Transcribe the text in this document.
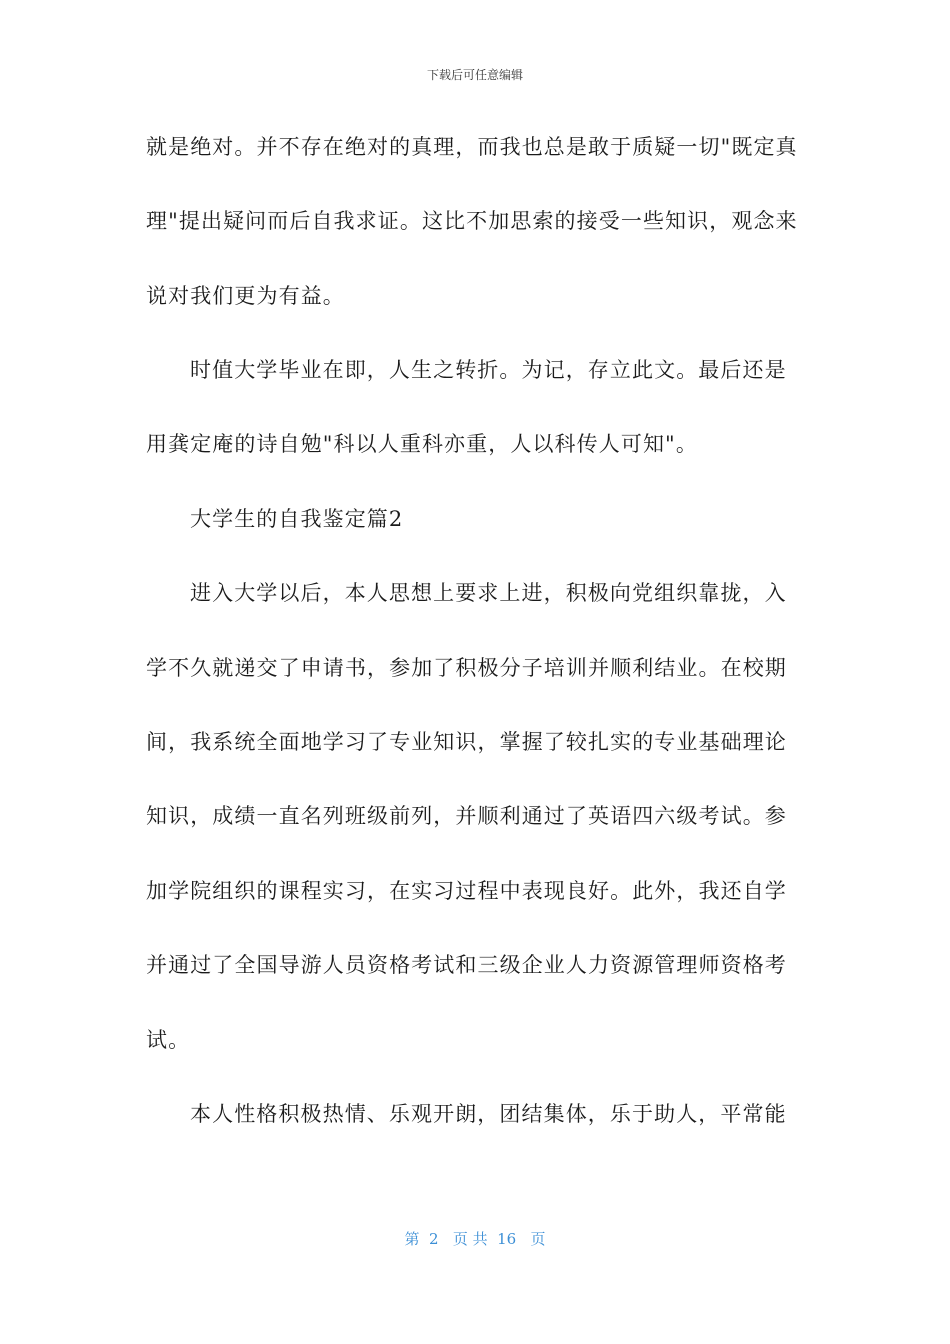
下载后可任意编辑
就是绝对。并不存在绝对的真理，而我也总是敢于质疑一切"既定真
理"提出疑问而后自我求证。这比不加思索的接受一些知识，观念来
说对我们更为有益。
时值大学毕业在即，人生之转折。为记，存立此文。最后还是
用龚定庵的诗自勉"科以人重科亦重，人以科传人可知"。
大学生的自我鉴定篇2
进入大学以后，本人思想上要求上进，积极向党组织靠拢，入
学不久就递交了申请书，参加了积极分子培训并顺利结业。在校期
间，我系统全面地学习了专业知识，掌握了较扎实的专业基础理论
知识，成绩一直名列班级前列，并顺利通过了英语四六级考试。参
加学院组织的课程实习，在实习过程中表现良好。此外，我还自学
并通过了全国导游人员资格考试和三级企业人力资源管理师资格考
试。
本人性格积极热情、乐观开朗，团结集体，乐于助人，平常能
第  2   页 共  16   页
